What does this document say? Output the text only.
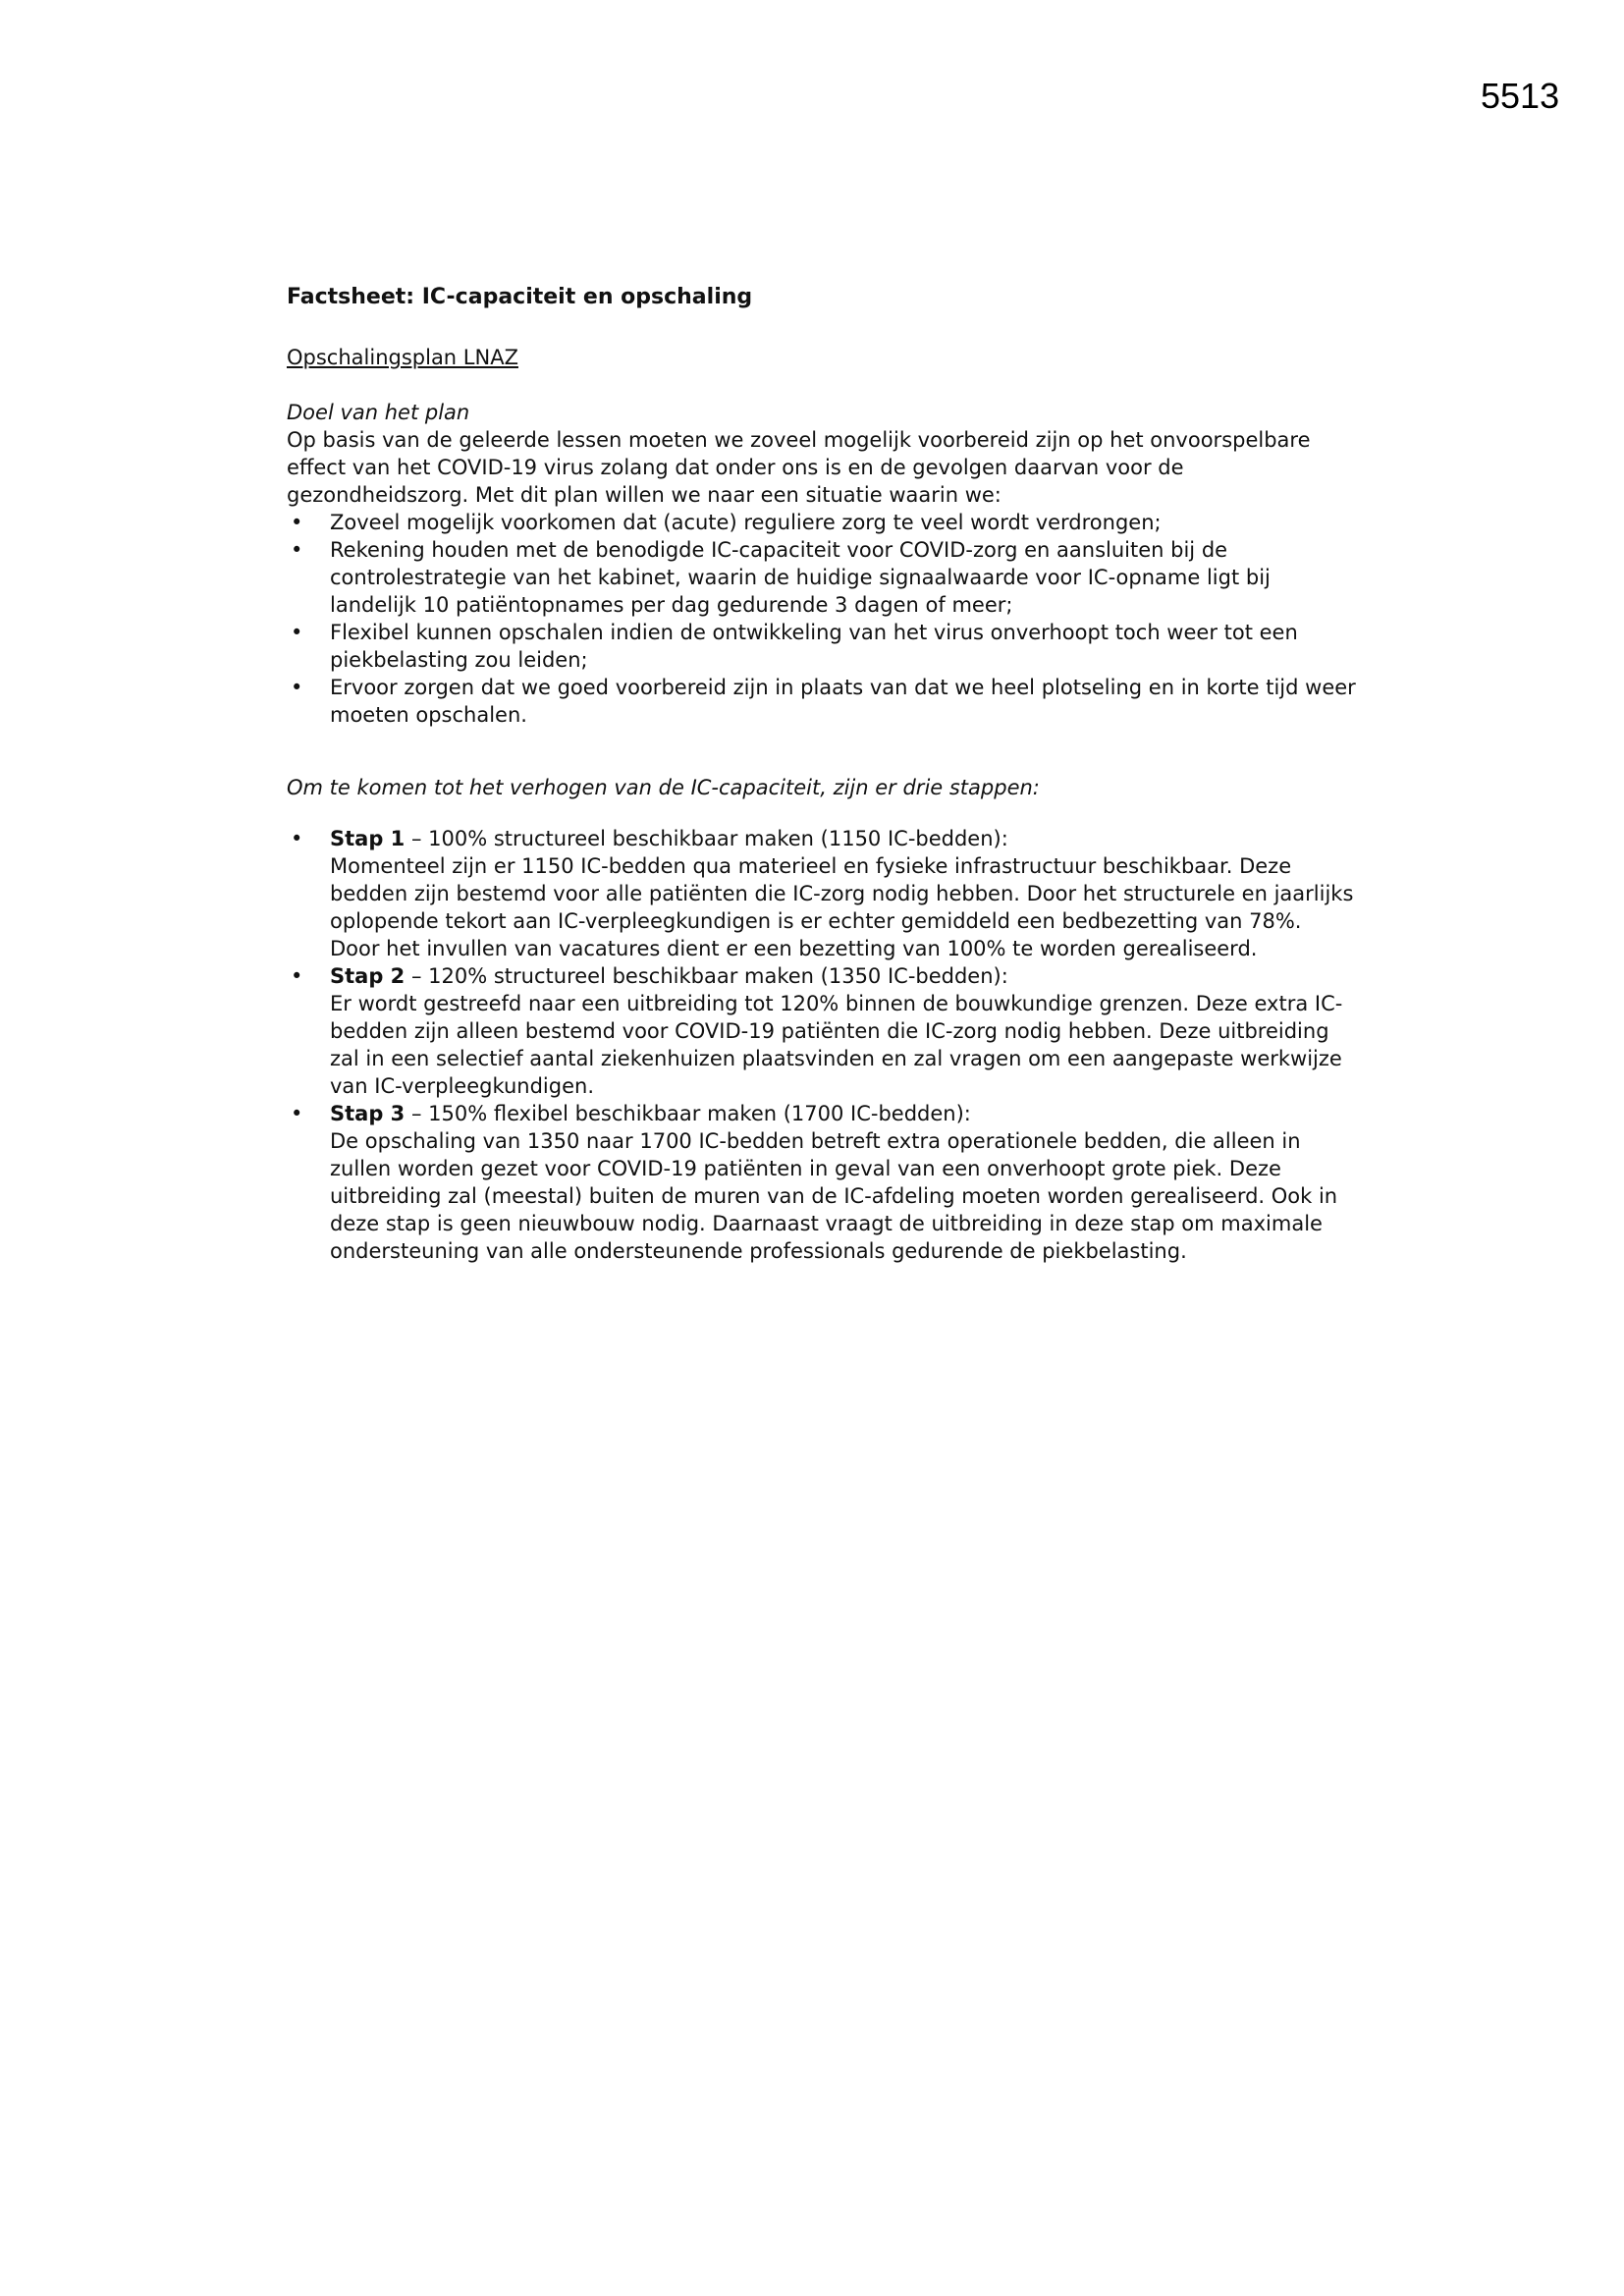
5513
Factsheet: IC-capaciteit en opschaling

Opschalingsplan LNAZ

Doel van het plan

Op basis van de geleerde lessen moeten we zoveel mogelijk voorbereid zijn op het onvoorspelbare effect van het COVID-19 virus zolang dat onder ons is en de gevolgen daarvan voor de gezondheidszorg. Met dit plan willen we naar een situatie waarin we:

• Zoveel mogelijk voorkomen dat (acute) reguliere zorg te veel wordt verdrongen;
• Rekening houden met de benodigde IC-capaciteit voor COVID-zorg en aansluiten bij de controlestrategie van het kabinet, waarin de huidige signaalwaarde voor IC-opname ligt bij landelijk 10 patiëntopnames per dag gedurende 3 dagen of meer;
• Flexibel kunnen opschalen indien de ontwikkeling van het virus onverhoopt toch weer tot een piekbelasting zou leiden;
• Ervoor zorgen dat we goed voorbereid zijn in plaats van dat we heel plotseling en in korte tijd weer moeten opschalen.

Om te komen tot het verhogen van de IC-capaciteit, zijn er drie stappen:

• Stap 1 – 100% structureel beschikbaar maken (1150 IC-bedden):
Momenteel zijn er 1150 IC-bedden qua materieel en fysieke infrastructuur beschikbaar. Deze bedden zijn bestemd voor alle patiënten die IC-zorg nodig hebben. Door het structurele en jaarlijks oplopende tekort aan IC-verpleegkundigen is er echter gemiddeld een bedbezetting van 78%. Door het invullen van vacatures dient er een bezetting van 100% te worden gerealiseerd.
• Stap 2 – 120% structureel beschikbaar maken (1350 IC-bedden):
Er wordt gestreefd naar een uitbreiding tot 120% binnen de bouwkundige grenzen. Deze extra IC-bedden zijn alleen bestemd voor COVID-19 patiënten die IC-zorg nodig hebben. Deze uitbreiding zal in een selectief aantal ziekenhuizen plaatsvinden en zal vragen om een aangepaste werkwijze van IC-verpleegkundigen.
• Stap 3 – 150% flexibel beschikbaar maken (1700 IC-bedden):
De opschaling van 1350 naar 1700 IC-bedden betreft extra operationele bedden, die alleen in zullen worden gezet voor COVID-19 patiënten in geval van een onverhoopt grote piek. Deze uitbreiding zal (meestal) buiten de muren van de IC-afdeling moeten worden gerealiseerd. Ook in deze stap is geen nieuwbouw nodig. Daarnaast vraagt de uitbreiding in deze stap om maximale ondersteuning van alle ondersteunende professionals gedurende de piekbelasting.
